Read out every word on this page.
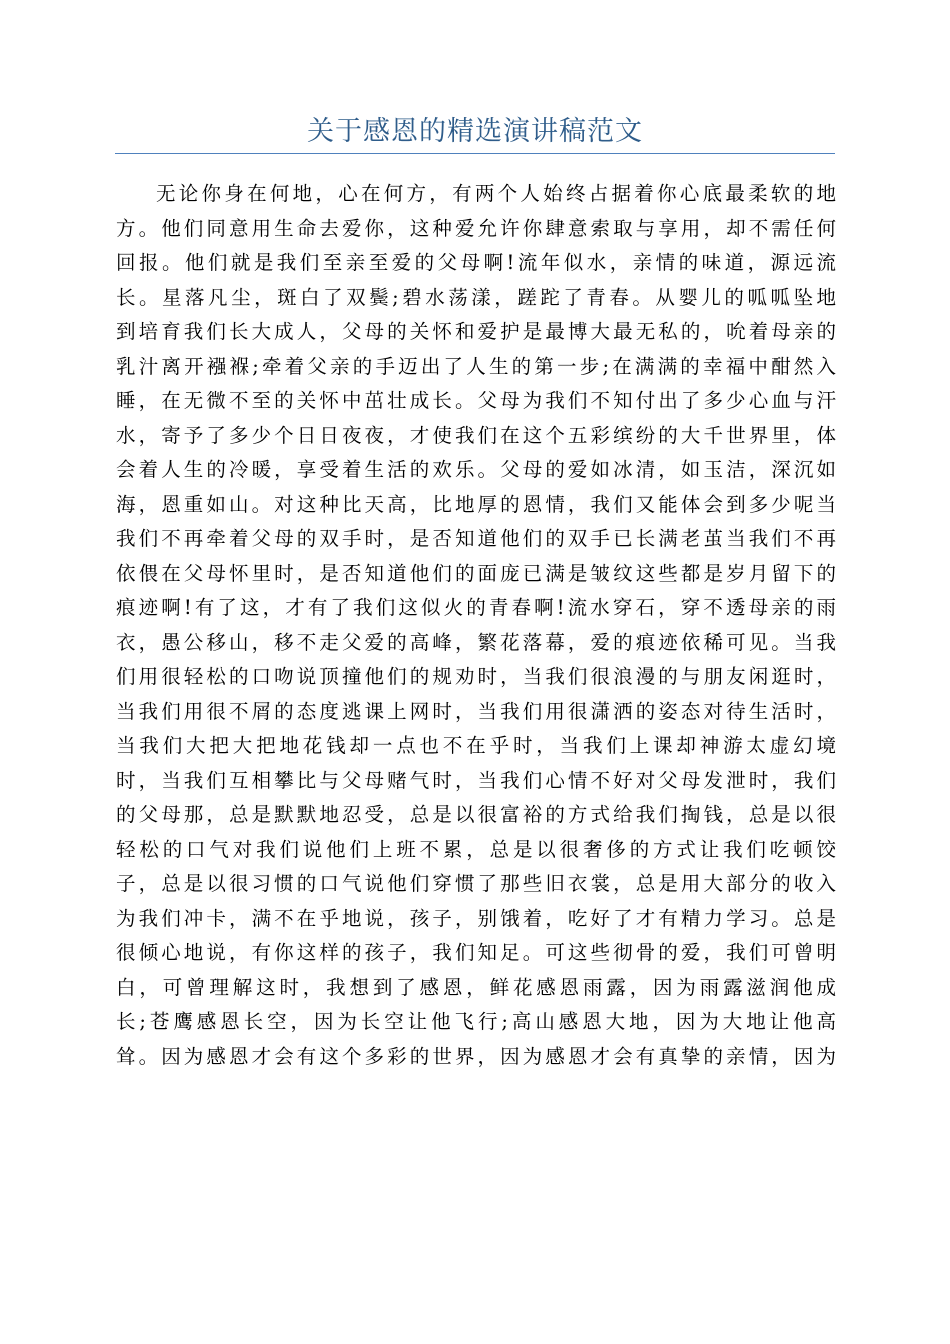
关于感恩的精选演讲稿范文
无论你身在何地，心在何方，有两个人始终占据着你心底最柔软的地
方。他们同意用生命去爱你，这种爱允许你肆意索取与享用，却不需任何
回报。他们就是我们至亲至爱的父母啊!流年似水，亲情的味道，源远流
长。星落凡尘，斑白了双鬓;碧水荡漾，蹉跎了青春。从婴儿的呱呱坠地
到培育我们长大成人，父母的关怀和爱护是最博大最无私的，吮着母亲的
乳汁离开襁褓;牵着父亲的手迈出了人生的第一步;在满满的幸福中酣然入
睡，在无微不至的关怀中茁壮成长。父母为我们不知付出了多少心血与汗
水，寄予了多少个日日夜夜，才使我们在这个五彩缤纷的大千世界里，体
会着人生的冷暖，享受着生活的欢乐。父母的爱如冰清，如玉洁，深沉如
海，恩重如山。对这种比天高，比地厚的恩情，我们又能体会到多少呢当
我们不再牵着父母的双手时，是否知道他们的双手已长满老茧当我们不再
依偎在父母怀里时，是否知道他们的面庞已满是皱纹这些都是岁月留下的
痕迹啊!有了这，才有了我们这似火的青春啊!流水穿石，穿不透母亲的雨
衣，愚公移山，移不走父爱的高峰，繁花落幕，爱的痕迹依稀可见。当我
们用很轻松的口吻说顶撞他们的规劝时，当我们很浪漫的与朋友闲逛时，
当我们用很不屑的态度逃课上网时，当我们用很潇洒的姿态对待生活时，
当我们大把大把地花钱却一点也不在乎时，当我们上课却神游太虚幻境
时，当我们互相攀比与父母赌气时，当我们心情不好对父母发泄时，我们
的父母那，总是默默地忍受，总是以很富裕的方式给我们掏钱，总是以很
轻松的口气对我们说他们上班不累，总是以很奢侈的方式让我们吃顿饺
子，总是以很习惯的口气说他们穿惯了那些旧衣裳，总是用大部分的收入
为我们冲卡，满不在乎地说，孩子，别饿着，吃好了才有精力学习。总是
很倾心地说，有你这样的孩子，我们知足。可这些彻骨的爱，我们可曾明
白，可曾理解这时，我想到了感恩，鲜花感恩雨露，因为雨露滋润他成
长;苍鹰感恩长空，因为长空让他飞行;高山感恩大地，因为大地让他高
耸。因为感恩才会有这个多彩的世界，因为感恩才会有真挚的亲情，因为
